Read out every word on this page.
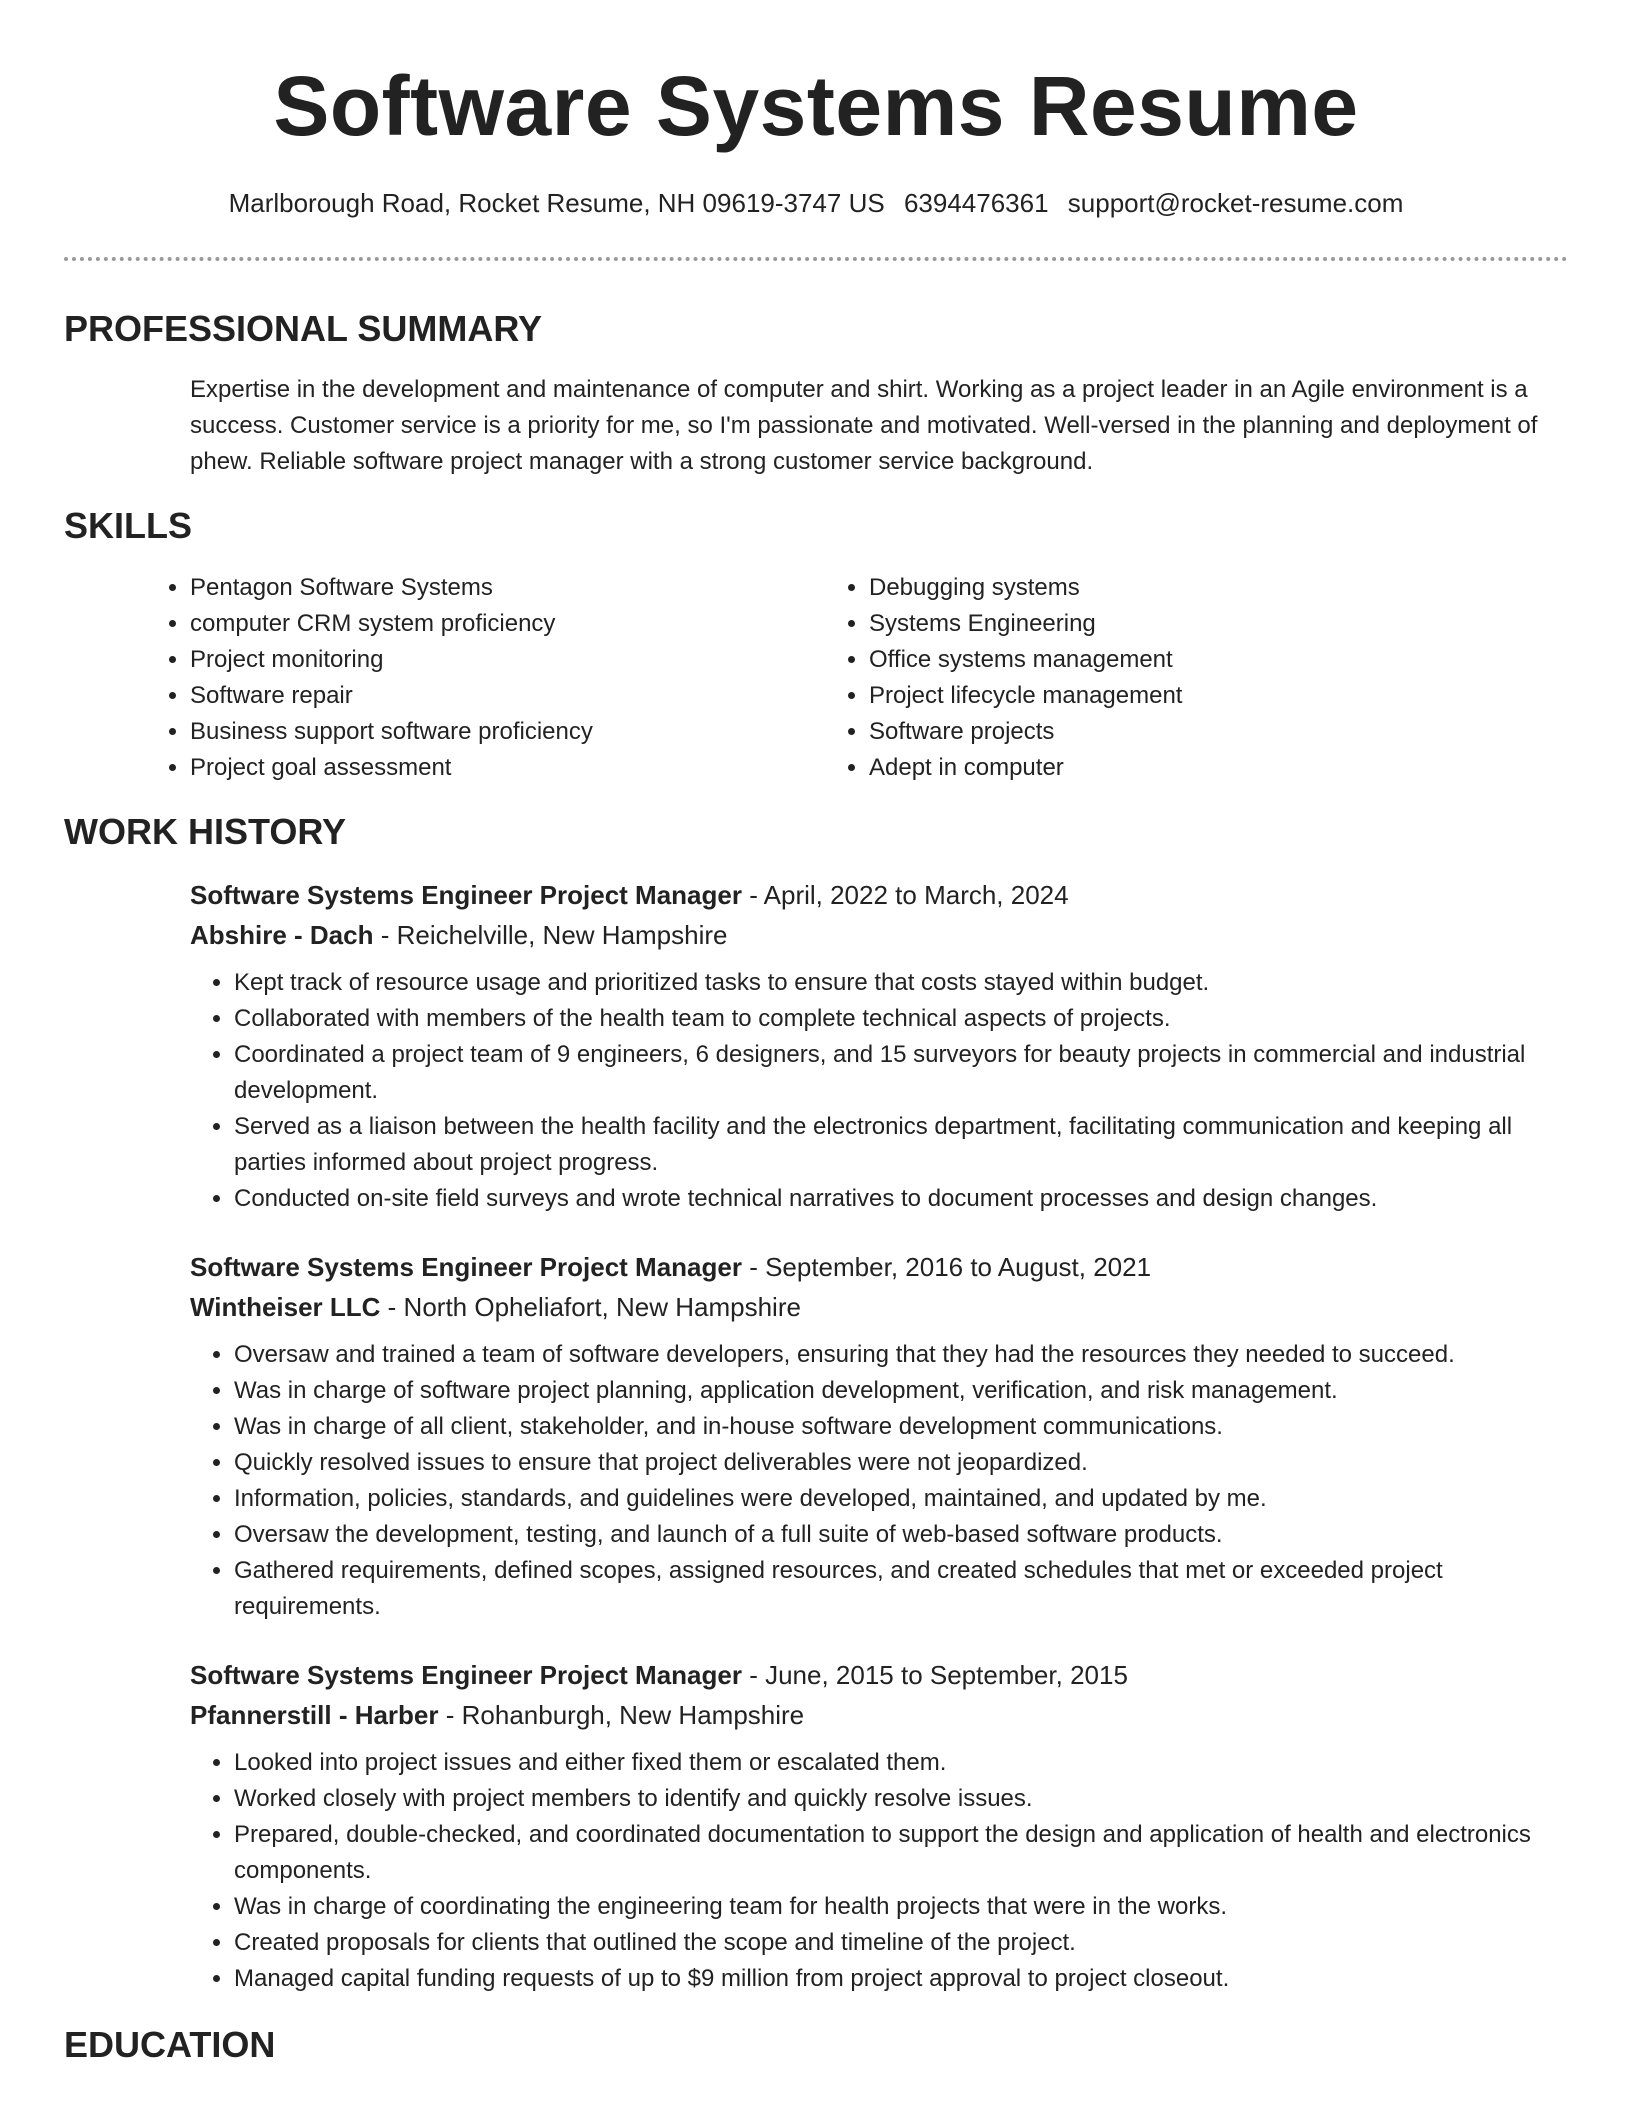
Software Systems Resume
Marlborough Road, Rocket Resume, NH 09619-3747 US 6394476361 support@rocket-resume.com
PROFESSIONAL SUMMARY
Expertise in the development and maintenance of computer and shirt. Working as a project leader in an Agile environment is a success. Customer service is a priority for me, so I'm passionate and motivated. Well-versed in the planning and deployment of phew. Reliable software project manager with a strong customer service background.
SKILLS
• Pentagon Software Systems
• computer CRM system proficiency
• Project monitoring
• Software repair
• Business support software proficiency
• Project goal assessment
• Debugging systems
• Systems Engineering
• Office systems management
• Project lifecycle management
• Software projects
• Adept in computer
WORK HISTORY
Software Systems Engineer Project Manager - April, 2022 to March, 2024
Abshire - Dach - Reichelville, New Hampshire
• Kept track of resource usage and prioritized tasks to ensure that costs stayed within budget.
• Collaborated with members of the health team to complete technical aspects of projects.
• Coordinated a project team of 9 engineers, 6 designers, and 15 surveyors for beauty projects in commercial and industrial development.
• Served as a liaison between the health facility and the electronics department, facilitating communication and keeping all parties informed about project progress.
• Conducted on-site field surveys and wrote technical narratives to document processes and design changes.
Software Systems Engineer Project Manager - September, 2016 to August, 2021
Wintheiser LLC - North Opheliafort, New Hampshire
• Oversaw and trained a team of software developers, ensuring that they had the resources they needed to succeed.
• Was in charge of software project planning, application development, verification, and risk management.
• Was in charge of all client, stakeholder, and in-house software development communications.
• Quickly resolved issues to ensure that project deliverables were not jeopardized.
• Information, policies, standards, and guidelines were developed, maintained, and updated by me.
• Oversaw the development, testing, and launch of a full suite of web-based software products.
• Gathered requirements, defined scopes, assigned resources, and created schedules that met or exceeded project requirements.
Software Systems Engineer Project Manager - June, 2015 to September, 2015
Pfannerstill - Harber - Rohanburgh, New Hampshire
• Looked into project issues and either fixed them or escalated them.
• Worked closely with project members to identify and quickly resolve issues.
• Prepared, double-checked, and coordinated documentation to support the design and application of health and electronics components.
• Was in charge of coordinating the engineering team for health projects that were in the works.
• Created proposals for clients that outlined the scope and timeline of the project.
• Managed capital funding requests of up to $9 million from project approval to project closeout.
EDUCATION
